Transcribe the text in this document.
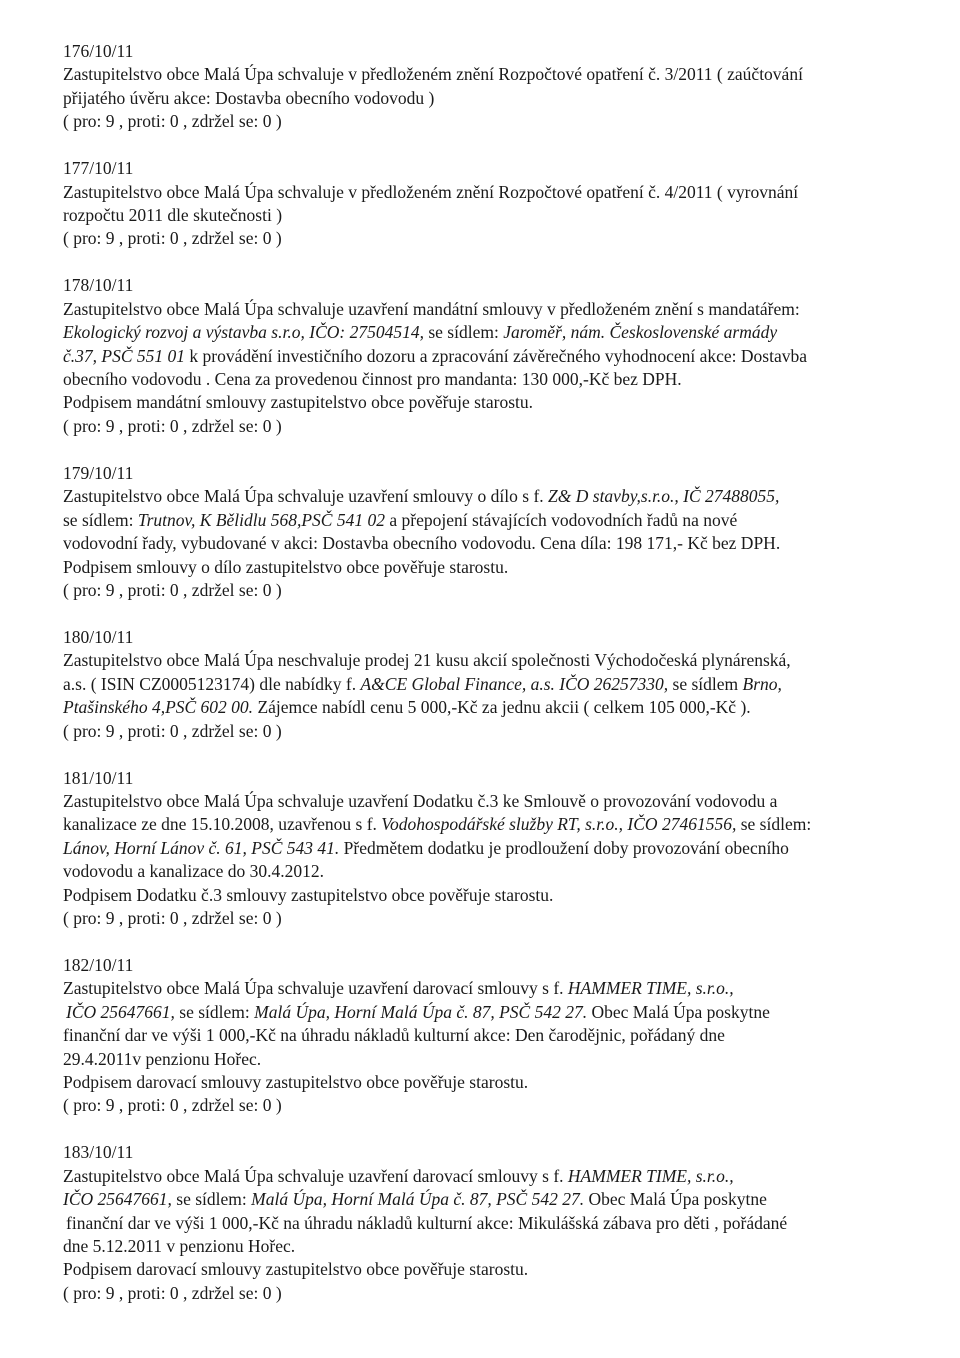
176/10/11
Zastupitelstvo obce Malá Úpa schvaluje v předloženém znění Rozpočtové opatření č. 3/2011 ( zaúčtování
přijatého úvěru akce: Dostavba obecního vodovodu )
( pro: 9 , proti: 0 , zdržel se: 0 )
177/10/11
Zastupitelstvo obce Malá Úpa schvaluje v předloženém znění Rozpočtové opatření č. 4/2011 ( vyrovnání
rozpočtu 2011 dle skutečnosti )
( pro: 9 , proti: 0 , zdržel se: 0 )
178/10/11
Zastupitelstvo obce Malá Úpa schvaluje uzavření mandátní smlouvy v předloženém znění s mandatářem:
Ekologický rozvoj a výstavba s.r.o, IČO: 27504514, se sídlem: Jaroměř, nám. Československé armády
č.37, PSČ 551 01 k provádění investičního dozoru a zpracování závěrečného vyhodnocení akce: Dostavba
obecního vodovodu . Cena za provedenou činnost pro mandanta: 130 000,-Kč bez DPH.
Podpisem mandátní smlouvy zastupitelstvo obce pověřuje starostu.
( pro: 9 , proti: 0 , zdržel se: 0 )
179/10/11
Zastupitelstvo obce Malá Úpa schvaluje uzavření smlouvy o dílo s f. Z& D stavby,s.r.o., IČ 27488055,
se sídlem: Trutnov, K Bělidlu 568,PSČ 541 02 a přepojení stávajících vodovodních řadů na nové
vodovodní řady, vybudované v akci: Dostavba obecního vodovodu. Cena díla: 198 171,- Kč bez DPH.
Podpisem smlouvy o dílo zastupitelstvo obce pověřuje starostu.
( pro: 9 , proti: 0 , zdržel se: 0 )
180/10/11
Zastupitelstvo obce Malá Úpa neschvaluje prodej 21 kusu akcií společnosti Východočeská plynárenská,
a.s. ( ISIN CZ0005123174) dle nabídky f. A&CE Global Finance, a.s. IČO 26257330, se sídlem Brno,
Ptašinského 4,PSČ 602 00. Zájemce nabídl cenu 5 000,-Kč za jednu akcii ( celkem 105 000,-Kč ).
( pro: 9 , proti: 0 , zdržel se: 0 )
181/10/11
Zastupitelstvo obce Malá Úpa schvaluje uzavření Dodatku č.3 ke Smlouvě o provozování vodovodu a
kanalizace ze dne 15.10.2008, uzavřenou s f. Vodohospodářské služby RT, s.r.o., IČO 27461556, se sídlem:
Lánov, Horní Lánov č. 61, PSČ 543 41. Předmětem dodatku je prodloužení doby provozování obecního
vodovodu a kanalizace do 30.4.2012.
Podpisem Dodatku č.3 smlouvy zastupitelstvo obce pověřuje starostu.
( pro: 9 , proti: 0 , zdržel se: 0 )
182/10/11
Zastupitelstvo obce Malá Úpa schvaluje uzavření darovací smlouvy s f. HAMMER TIME, s.r.o.,
IČO 25647661, se sídlem: Malá Úpa, Horní Malá Úpa č. 87, PSČ 542 27. Obec Malá Úpa poskytne
finanční dar ve výši 1 000,-Kč na úhradu nákladů kulturní akce: Den čarodějnic, pořádaný dne
29.4.2011v penzionu Hořec.
Podpisem darovací smlouvy zastupitelstvo obce pověřuje starostu.
( pro: 9 , proti: 0 , zdržel se: 0 )
183/10/11
Zastupitelstvo obce Malá Úpa schvaluje uzavření darovací smlouvy s f. HAMMER TIME, s.r.o.,
IČO 25647661, se sídlem: Malá Úpa, Horní Malá Úpa č. 87, PSČ 542 27. Obec Malá Úpa poskytne
finanční dar ve výši 1 000,-Kč na úhradu nákladů kulturní akce: Mikulášská zábava pro děti , pořádané
dne 5.12.2011 v penzionu Hořec.
Podpisem darovací smlouvy zastupitelstvo obce pověřuje starostu.
( pro: 9 , proti: 0 , zdržel se: 0 )
